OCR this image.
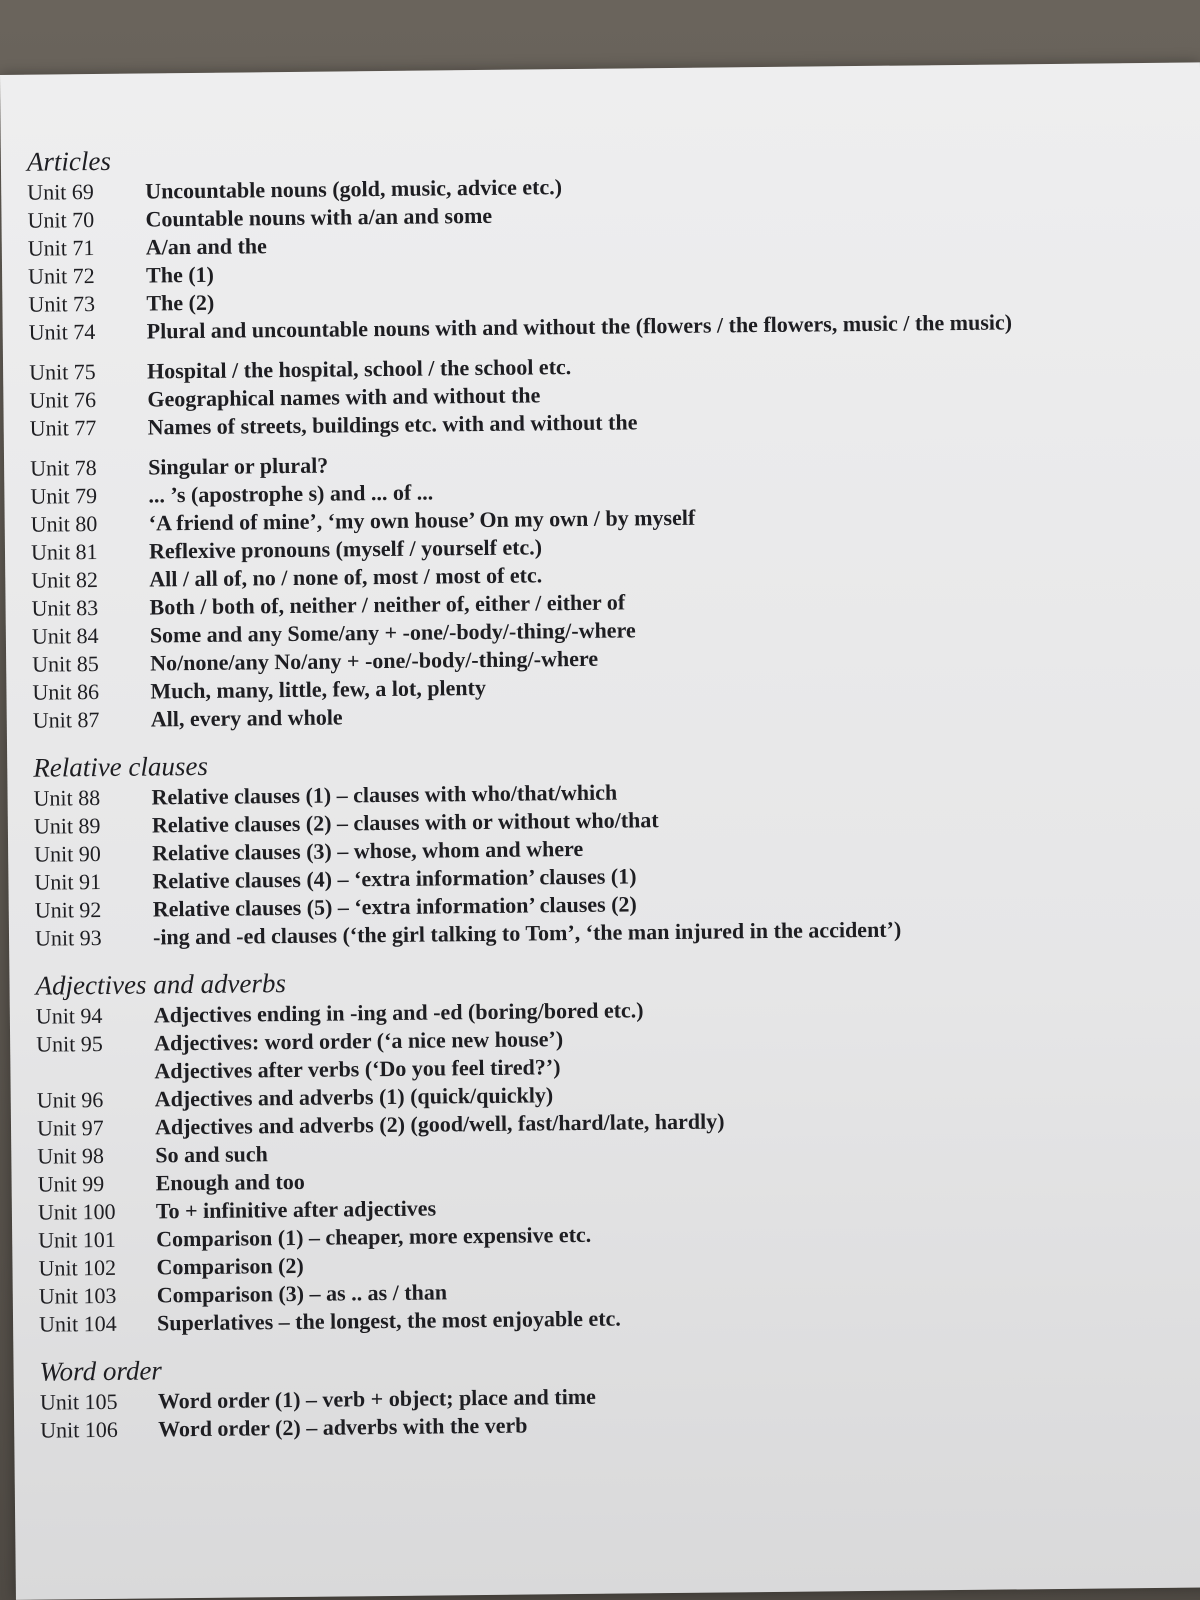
Articles
Unit 69	Uncountable nouns (gold, music, advice etc.)
Unit 70	Countable nouns with a/an and some
Unit 71	A/an and the
Unit 72	The (1)
Unit 73	The (2)
Unit 74	Plural and uncountable nouns with and without the (flowers / the flowers, music / the music)
Unit 75	Hospital / the hospital, school / the school etc.
Unit 76	Geographical names with and without the
Unit 77	Names of streets, buildings etc. with and without the
Unit 78	Singular or plural?
Unit 79	... ’s (apostrophe s) and ... of ...
Unit 80	‘A friend of mine’, ‘my own house’ On my own / by myself
Unit 81	Reflexive pronouns (myself / yourself etc.)
Unit 82	All / all of, no / none of, most / most of etc.
Unit 83	Both / both of, neither / neither of, either / either of
Unit 84	Some and any Some/any + -one/-body/-thing/-where
Unit 85	No/none/any No/any + -one/-body/-thing/-where
Unit 86	Much, many, little, few, a lot, plenty
Unit 87	All, every and whole
Relative clauses
Unit 88	Relative clauses (1) – clauses with who/that/which
Unit 89	Relative clauses (2) – clauses with or without who/that
Unit 90	Relative clauses (3) – whose, whom and where
Unit 91	Relative clauses (4) – ‘extra information’ clauses (1)
Unit 92	Relative clauses (5) – ‘extra information’ clauses (2)
Unit 93	-ing and -ed clauses (‘the girl talking to Tom’, ‘the man injured in the accident’)
Adjectives and adverbs
Unit 94	Adjectives ending in -ing and -ed (boring/bored etc.)
Unit 95	Adjectives: word order (‘a nice new house’)
Adjectives after verbs (‘Do you feel tired?’)
Unit 96	Adjectives and adverbs (1) (quick/quickly)
Unit 97	Adjectives and adverbs (2) (good/well, fast/hard/late, hardly)
Unit 98	So and such
Unit 99	Enough and too
Unit 100	To + infinitive after adjectives
Unit 101	Comparison (1) – cheaper, more expensive etc.
Unit 102	Comparison (2)
Unit 103	Comparison (3) – as .. as / than
Unit 104	Superlatives – the longest, the most enjoyable etc.
Word order
Unit 105	Word order (1) – verb + object; place and time
Unit 106	Word order (2) – adverbs with the verb
